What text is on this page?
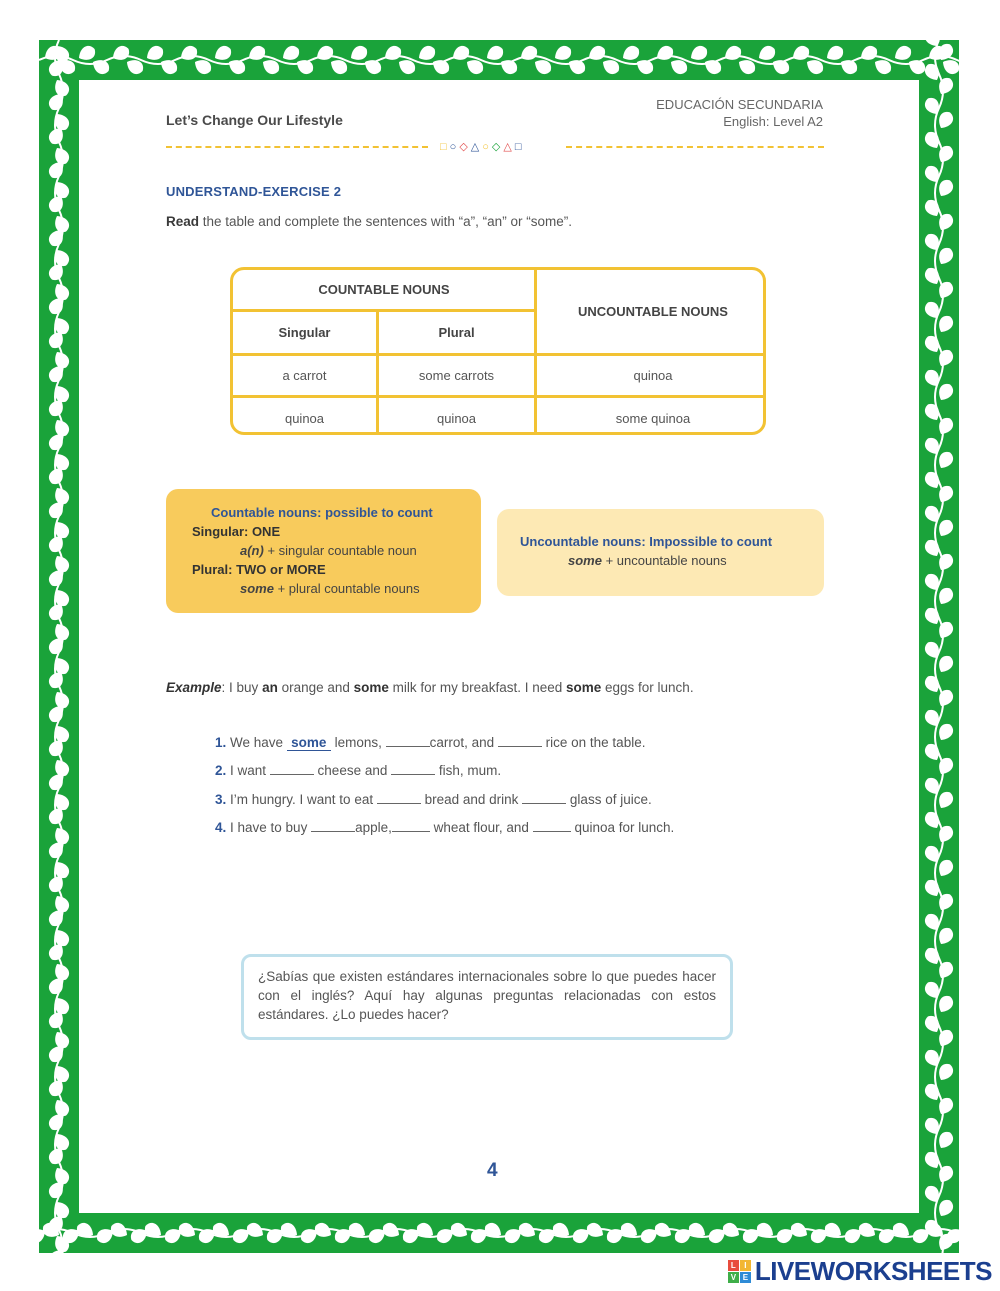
Let’s Change Our Lifestyle
EDUCACIÓN SECUNDARIA
English: Level A2
□○◇△○◇△□
UNDERSTAND-EXERCISE 2
Read the table and complete the sentences with “a”, “an” or “some”.
COUNTABLE NOUNS
UNCOUNTABLE NOUNS
Singular	Plural
a carrot	some carrots	quinoa
quinoa	quinoa	some quinoa
Countable nouns: possible to count
Singular: ONE
a(n) + singular countable noun
Plural: TWO or MORE
some + plural countable nouns
Uncountable nouns: Impossible to count
some + uncountable nouns
Example: I buy an orange and some milk for my breakfast. I need some eggs for lunch.
1. We have some lemons,	carrot, and	rice on the table.
2. I want	cheese and	fish, mum.
3. I’m hungry. I want to eat	bread and drink	glass of juice.
4. I have to buy	apple,	wheat flour, and	quinoa for lunch.
¿Sabías que existen estándares internacionales sobre lo que puedes hacer con el inglés? Aquí hay algunas preguntas relacionadas con estos estándares. ¿Lo puedes hacer?
4
L	I
V E LIVEWORKSHEETS
